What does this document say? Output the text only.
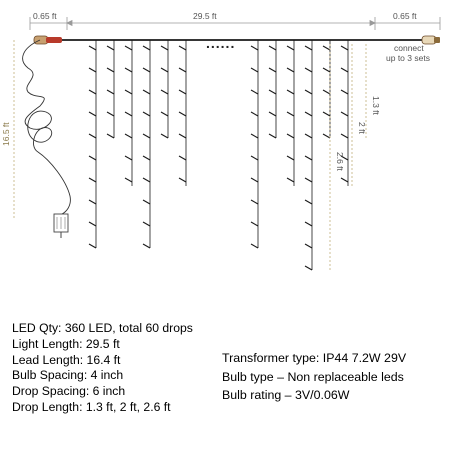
0.65 ft	29.5 ft	0.65 ft
connect
up to 3 sets
......
16.5 ft
1.3 ft
2 ft
2.6 ft
LED Qty: 360 LED, total 60 drops
Light Length: 29.5 ft
Lead Length: 16.4 ft
Bulb Spacing: 4 inch
Drop Spacing: 6 inch
Drop Length: 1.3 ft, 2 ft, 2.6 ft
Transformer type: IP44 7.2W 29V
Bulb type – Non replaceable leds
Bulb rating – 3V/0.06W
